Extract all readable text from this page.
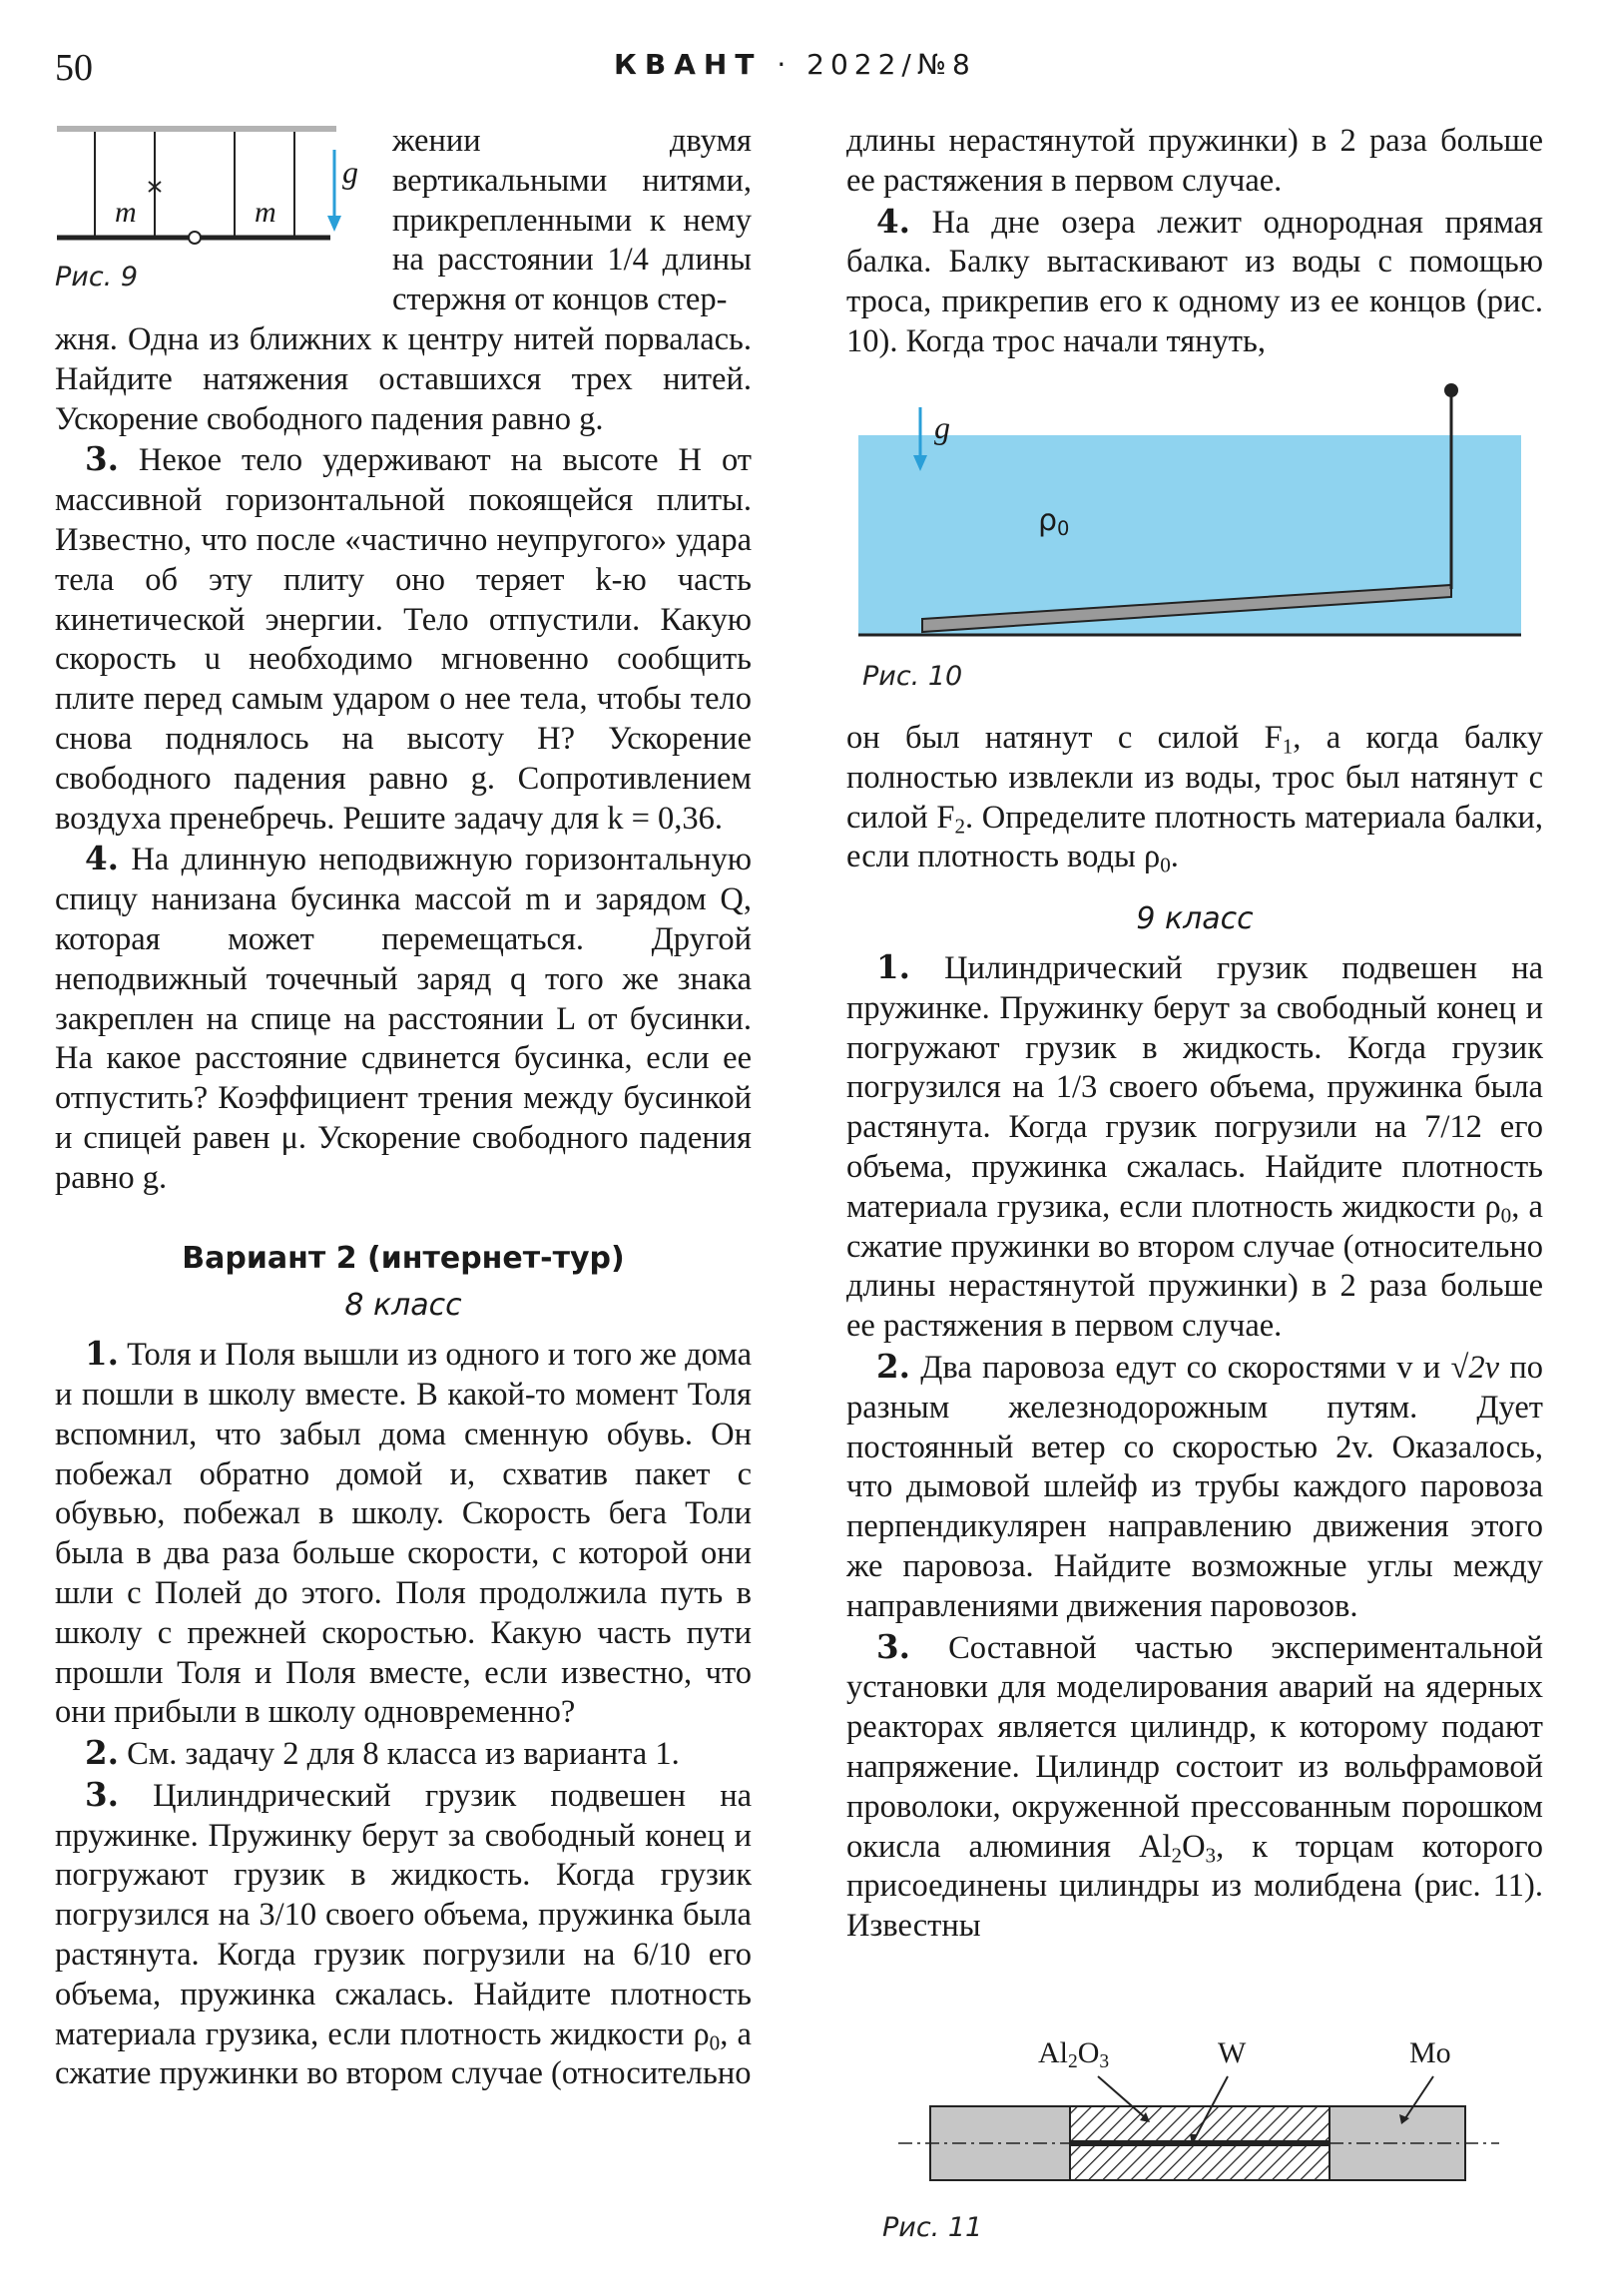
50	КВАНТ · 2022/№8
m	m
g
Рис. 9

жении двумя вертикальными нитями, прикрепленными к нему на расстоянии 1/4 длины стержня от концов стер-

жня. Одна из ближних к центру нитей порвалась. Найдите натяжения оставшихся трех нитей. Ускорение свободного падения равно g.

3. Некое тело удерживают на высоте H от массивной горизонтальной покоящейся плиты. Известно, что после «частично неупругого» удара тела об эту плиту оно теряет k-ю часть кинетической энергии. Тело отпустили. Какую скорость u необходимо мгновенно сообщить плите перед самым ударом о нее тела, чтобы тело снова поднялось на высоту H? Ускорение свободного падения равно g. Сопротивлением воздуха пренебречь. Решите задачу для k = 0,36.

4. На длинную неподвижную горизонтальную спицу нанизана бусинка массой m и зарядом Q, которая может перемещаться. Другой неподвижный точечный заряд q того же знака закреплен на спице на расстоянии L от бусинки. На какое расстояние сдвинется бусинка, если ее отпустить? Коэффициент трения между бусинкой и спицей равен μ. Ускорение свободного падения равно g.

Вариант 2 (интернет-тур)
8 класс

1. Толя и Поля вышли из одного и того же дома и пошли в школу вместе. В какой-то момент Толя вспомнил, что забыл дома сменную обувь. Он побежал обратно домой и, схватив пакет с обувью, побежал в школу. Скорость бега Толи была в два раза больше скорости, с которой они шли с Полей до этого. Поля продолжила путь в школу с прежней скоростью. Какую часть пути прошли Толя и Поля вместе, если известно, что они прибыли в школу одновременно?

2. См. задачу 2 для 8 класса из варианта 1.

3. Цилиндрический грузик подвешен на пружинке. Пружинку берут за свободный конец и погружают грузик в жидкость. Когда грузик погрузился на 3/10 своего объема, пружинка была растянута. Когда грузик погрузили на 6/10 его объема, пружинка сжалась. Найдите плотность материала грузика, если плотность жидкости $\rho_0$, а сжатие пружинки во втором случае (относительно

длины нерастянутой пружинки) в 2 раза больше ее растяжения в первом случае.

4. На дне озера лежит однородная прямая балка. Балку вытаскивают из воды с помощью троса, прикрепив его к одному из ее концов (рис. 10). Когда трос начали тянуть,

g
$\rho_0$
Рис. 10

он был натянут с силой $F_1$, а когда балку полностью извлекли из воды, трос был натянут с силой $F_2$. Определите плотность материала балки, если плотность воды $\rho_0$.

9 класс

1. Цилиндрический грузик подвешен на пружинке. Пружинку берут за свободный конец и погружают грузик в жидкость. Когда грузик погрузился на 1/3 своего объема, пружинка была растянута. Когда грузик погрузили на 7/12 его объема, пружинка сжалась. Найдите плотность материала грузика, если плотность жидкости $\rho_0$, а сжатие пружинки во втором случае (относительно длины нерастянутой пружинки) в 2 раза больше ее растяжения в первом случае.

2. Два паровоза едут со скоростями v и √2v по разным железнодорожным путям. Дует постоянный ветер со скоростью 2v. Оказалось, что дымовой шлейф из трубы каждого паровоза перпендикулярен направлению движения этого же паровоза. Найдите возможные углы между направлениями движения паровозов.

3. Составной частью экспериментальной установки для моделирования аварий на ядерных реакторах является цилиндр, к которому подают напряжение. Цилиндр состоит из вольфрамовой проволоки, окруженной прессованным порошком окисла алюминия $Al_2O_3$, к торцам которого присоединены цилиндры из молибдена (рис. 11). Известны

$Al_2O_3$	W	Mo
Рис. 11
